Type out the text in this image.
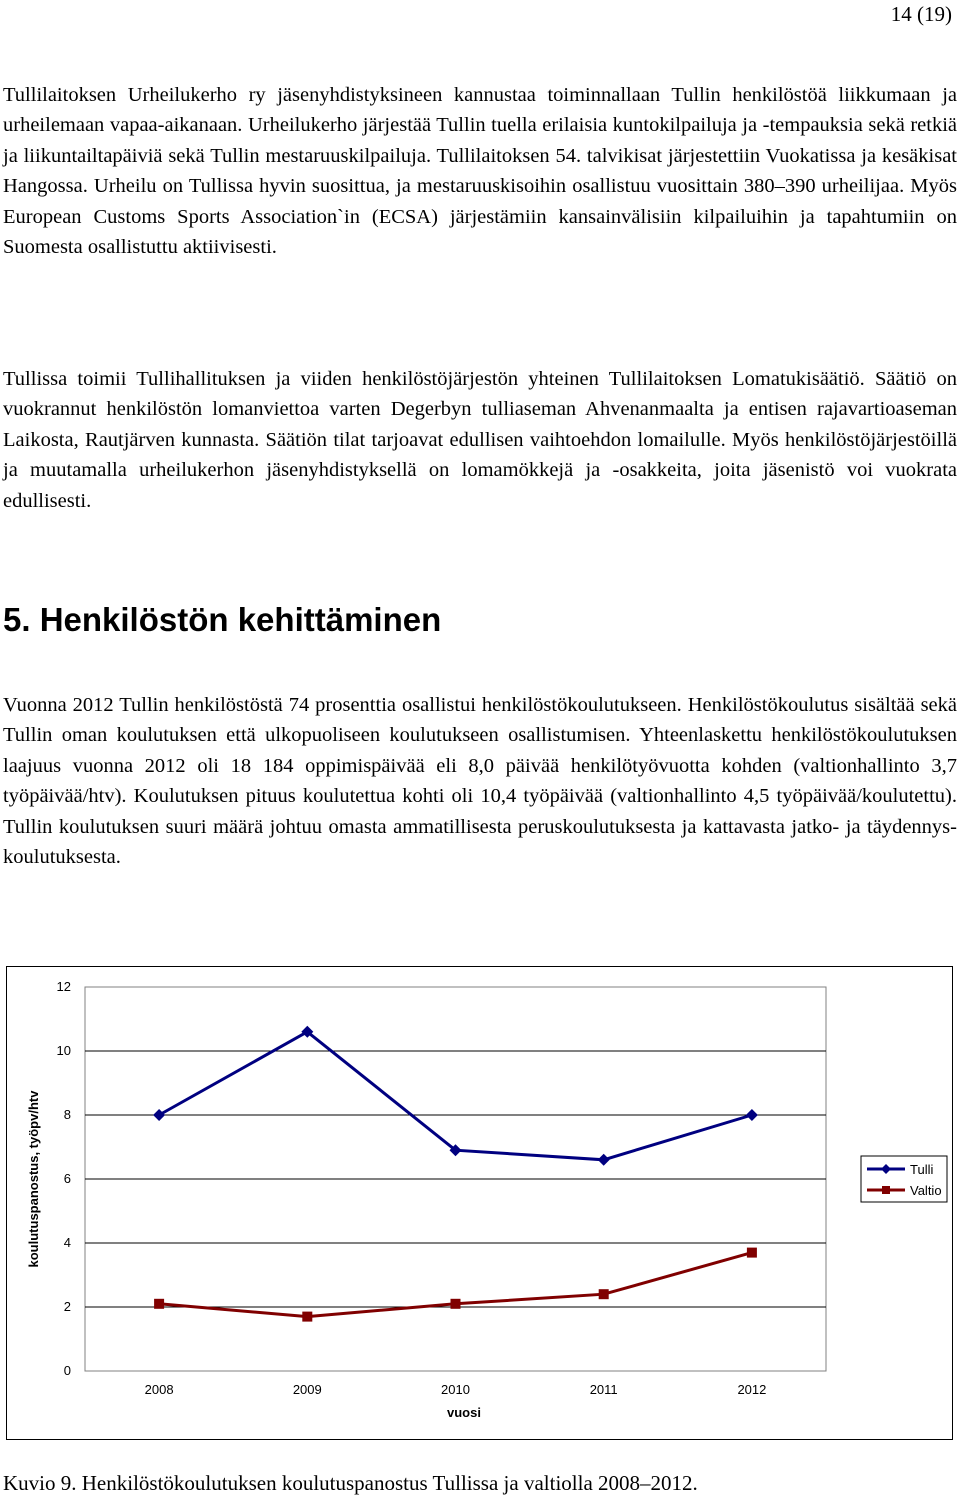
14 (19)

Tullilaitoksen Urheilukerho ry jäsenyhdistyksineen kannustaa toiminnallaan Tullin henkilöstöä liikkumaan ja urheilemaan vapaa-aikanaan. Urheilukerho järjestää Tullin tuella erilaisia kuntokilpailuja ja -tempauksia sekä retkiä ja liikuntailtapäiviä sekä Tullin mestaruuskilpailuja. Tullilaitoksen 54. talvikisat järjestettiin Vuokatissa ja kesäkisat Hangossa. Urheilu on Tullissa hyvin suosittua, ja mestaruuskisoihin osallistuu vuosittain 380–390 urheilijaa. Myös European Customs Sports Association`in (ECSA) järjestämiin kansainvälisiin kilpailuihin ja tapahtumiin on Suomesta osallistuttu aktiivisesti.

Tullissa toimii Tullihallituksen ja viiden henkilöstöjärjestön yhteinen Tullilaitoksen Lomatukisäätiö. Säätiö on vuokrannut henkilöstön lomanviettoa varten Degerbyn tulliaseman Ahvenanmaalta ja entisen rajavartioaseman Laikosta, Rautjärven kunnasta. Säätiön tilat tarjoavat edullisen vaihtoehdon lomailulle. Myös henkilöstöjärjestöillä ja muutamalla urheilukerhon jäsenyhdistyksellä on lomamökkejä ja -osakkeita, joita jäsenistö voi vuokrata edullisesti.

5. Henkilöstön kehittäminen

Vuonna 2012 Tullin henkilöstöstä 74 prosenttia osallistui henkilöstökoulutukseen. Henkilöstökoulutus sisältää sekä Tullin oman koulutuksen että ulkopuoliseen koulutukseen osallistumisen. Yhteenlaskettu henkilöstökoulutuksen laajuus vuonna 2012 oli 18 184 oppimispäivää eli 8,0 päivää henkilötyövuotta kohden (valtionhallinto 3,7 työpäivää/htv). Koulutuksen pituus koulutettua kohti oli 10,4 työpäivää (valtionhallinto 4,5 työpäivää/koulutettu). Tullin koulutuksen suuri määrä johtuu omasta ammatillisesta peruskoulutuksesta ja kattavasta jatko- ja täydennys-koulutuksesta.

0
2
4
6
8
10
12
2008	2009	2010	2011	2012
koulutuspanostus, työpv/htv
vuosi
Tulli
Valtio

Kuvio 9. Henkilöstökoulutuksen koulutuspanostus Tullissa ja valtiolla 2008–2012.
